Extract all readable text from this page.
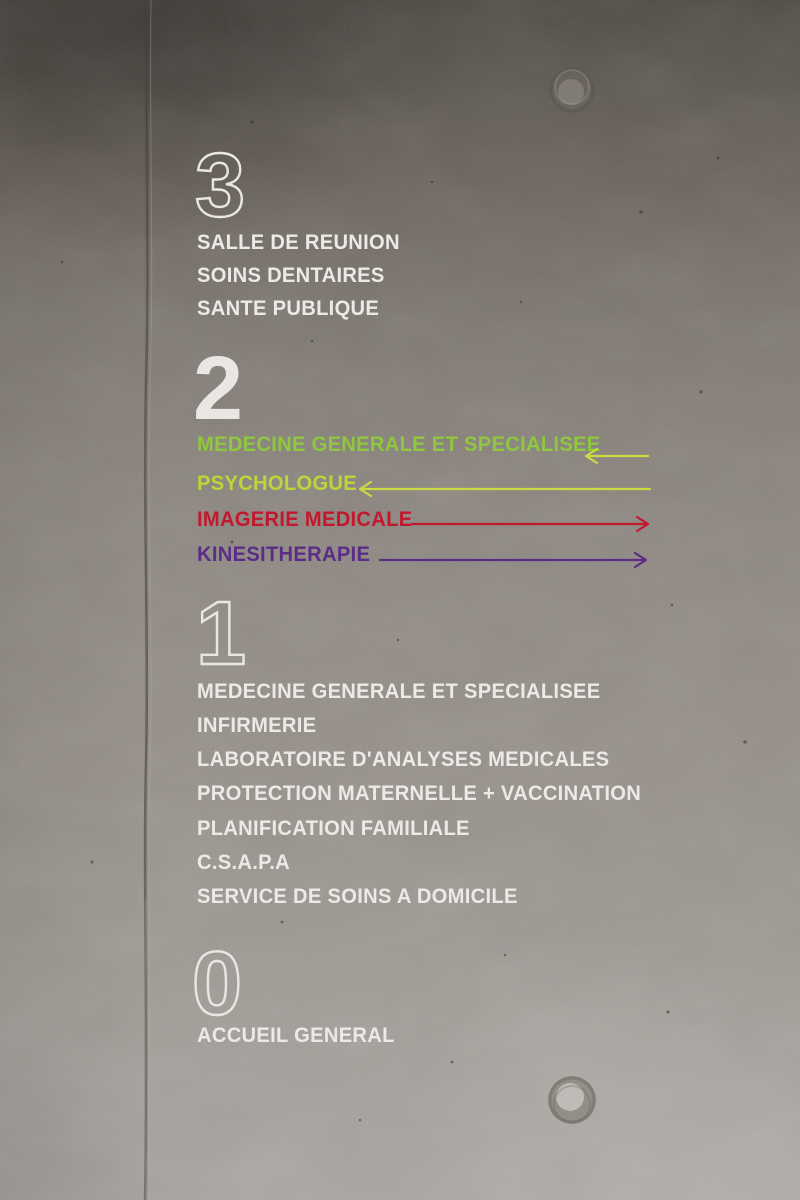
3
SALLE DE REUNION
SOINS DENTAIRES
SANTE PUBLIQUE
2
MEDECINE GENERALE ET SPECIALISEE
PSYCHOLOGUE
IMAGERIE MEDICALE
KINESITHERAPIE
1
MEDECINE GENERALE ET SPECIALISEE
INFIRMERIE
LABORATOIRE D'ANALYSES MEDICALES
PROTECTION MATERNELLE + VACCINATION
PLANIFICATION FAMILIALE
C.S.A.P.A
SERVICE DE SOINS A DOMICILE
0
ACCUEIL GENERAL
